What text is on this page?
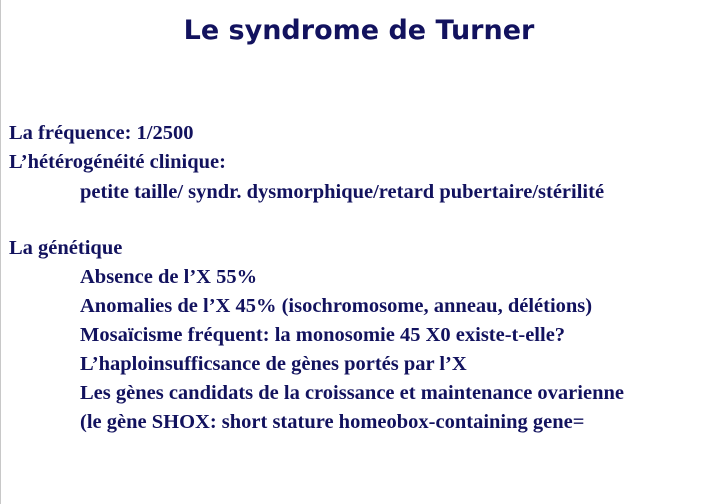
Le syndrome de Turner
La fréquence: 1/2500
L’hétérogénéité clinique:
petite taille/ syndr. dysmorphique/retard pubertaire/stérilité
La génétique
Absence de l’X 55%
Anomalies de l’X 45% (isochromosome, anneau, délétions)
Mosaïcisme fréquent: la monosomie 45 X0 existe-t-elle?
L’haploinsufficsance de gènes portés par l’X
Les gènes candidats de la croissance et maintenance ovarienne
(le gène SHOX: short stature homeobox-containing gene=
